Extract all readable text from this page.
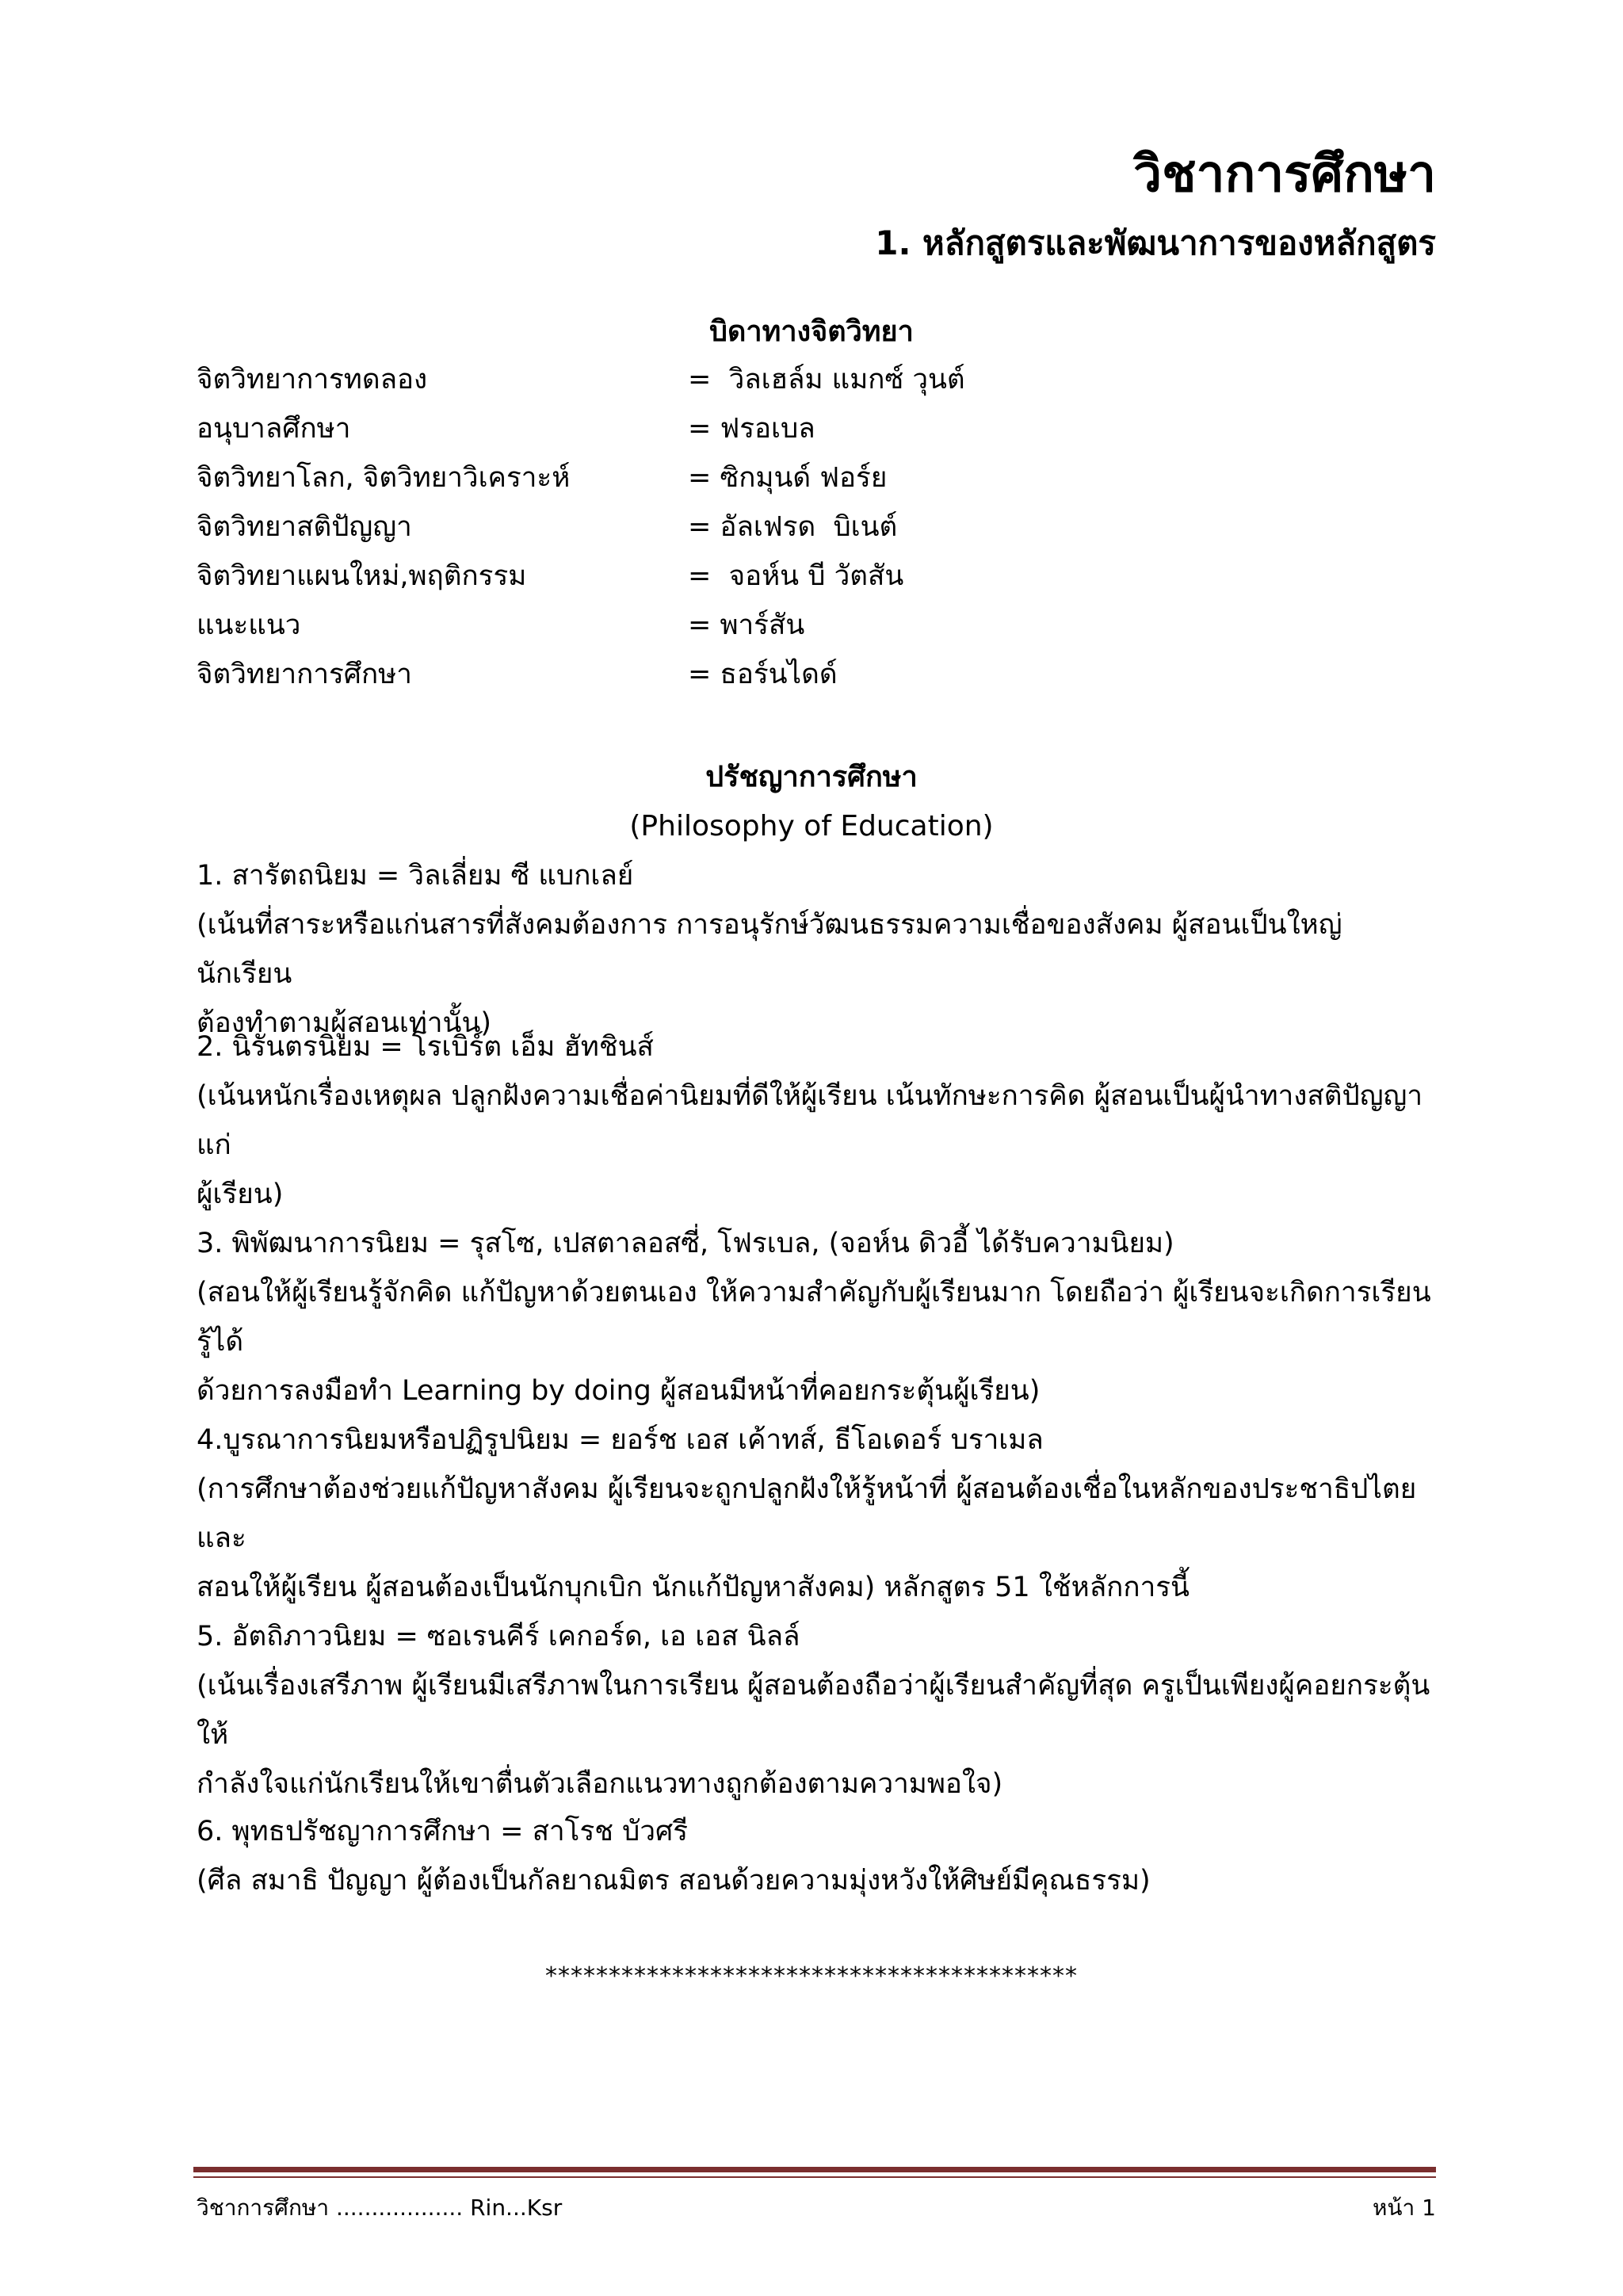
วิชาการศึกษา
1. หลักสูตรและพัฒนาการของหลักสูตร
บิดาทางจิตวิทยา
จิตวิทยาการทดลอง	=  วิลเฮล์ม แมกซ์ วุนต์
อนุบาลศึกษา	= ฟรอเบล
จิตวิทยาโลก, จิตวิทยาวิเคราะห์	= ซิกมุนด์ ฟอร์ย
จิตวิทยาสติปัญญา	= อัลเฟรด  บิเนต์
จิตวิทยาแผนใหม่,พฤติกรรม	=  จอห์น บี วัตสัน
แนะแนว	= พาร์สัน
จิตวิทยาการศึกษา	= ธอร์นไดด์
ปรัชญาการศึกษา
(Philosophy of Education)

1. สารัตถนิยม = วิลเลี่ยม ซี แบกเลย์

(เน้นที่สาระหรือแก่นสารที่สังคมต้องการ การอนุรักษ์วัฒนธรรมความเชื่อของสังคม ผู้สอนเป็นใหญ่ นักเรียน

ต้องทำตามผู้สอนเท่านั้น)

2. นิรันตรนิยม = โรเบิร์ต เอ็ม ฮัทชินส์

(เน้นหนักเรื่องเหตุผล ปลูกฝังความเชื่อค่านิยมที่ดีให้ผู้เรียน เน้นทักษะการคิด ผู้สอนเป็นผู้นำทางสติปัญญาแก่

ผู้เรียน)

3. พิพัฒนาการนิยม = รุสโซ, เปสตาลอสซี่, โฟรเบล, (จอห์น ดิวอี้ ได้รับความนิยม)

(สอนให้ผู้เรียนรู้จักคิด แก้ปัญหาด้วยตนเอง ให้ความสำคัญกับผู้เรียนมาก โดยถือว่า ผู้เรียนจะเกิดการเรียนรู้ได้

ด้วยการลงมือทำ Learning by doing ผู้สอนมีหน้าที่คอยกระตุ้นผู้เรียน)

4.บูรณาการนิยมหรือปฏิรูปนิยม = ยอร์ช เอส เค้าทส์, ธีโอเดอร์ บราเมล

(การศึกษาต้องช่วยแก้ปัญหาสังคม ผู้เรียนจะถูกปลูกฝังให้รู้หน้าที่ ผู้สอนต้องเชื่อในหลักของประชาธิปไตยและ

สอนให้ผู้เรียน ผู้สอนต้องเป็นนักบุกเบิก นักแก้ปัญหาสังคม) หลักสูตร 51 ใช้หลักการนี้

5. อัตถิภาวนิยม = ซอเรนคีร์ เคกอร์ด, เอ เอส นิลล์

(เน้นเรื่องเสรีภาพ ผู้เรียนมีเสรีภาพในการเรียน ผู้สอนต้องถือว่าผู้เรียนสำคัญที่สุด ครูเป็นเพียงผู้คอยกระตุ้นให้

กำลังใจแก่นักเรียนให้เขาตื่นตัวเลือกแนวทางถูกต้องตามความพอใจ)

6. พุทธปรัชญาการศึกษา = สาโรช บัวศรี

(ศีล สมาธิ ปัญญา ผู้ต้องเป็นกัลยาณมิตร สอนด้วยความมุ่งหวังให้ศิษย์มีคุณธรรม)

******************************************
วิชาการศึกษา .................. Rin...Ksr	หน้า 1
